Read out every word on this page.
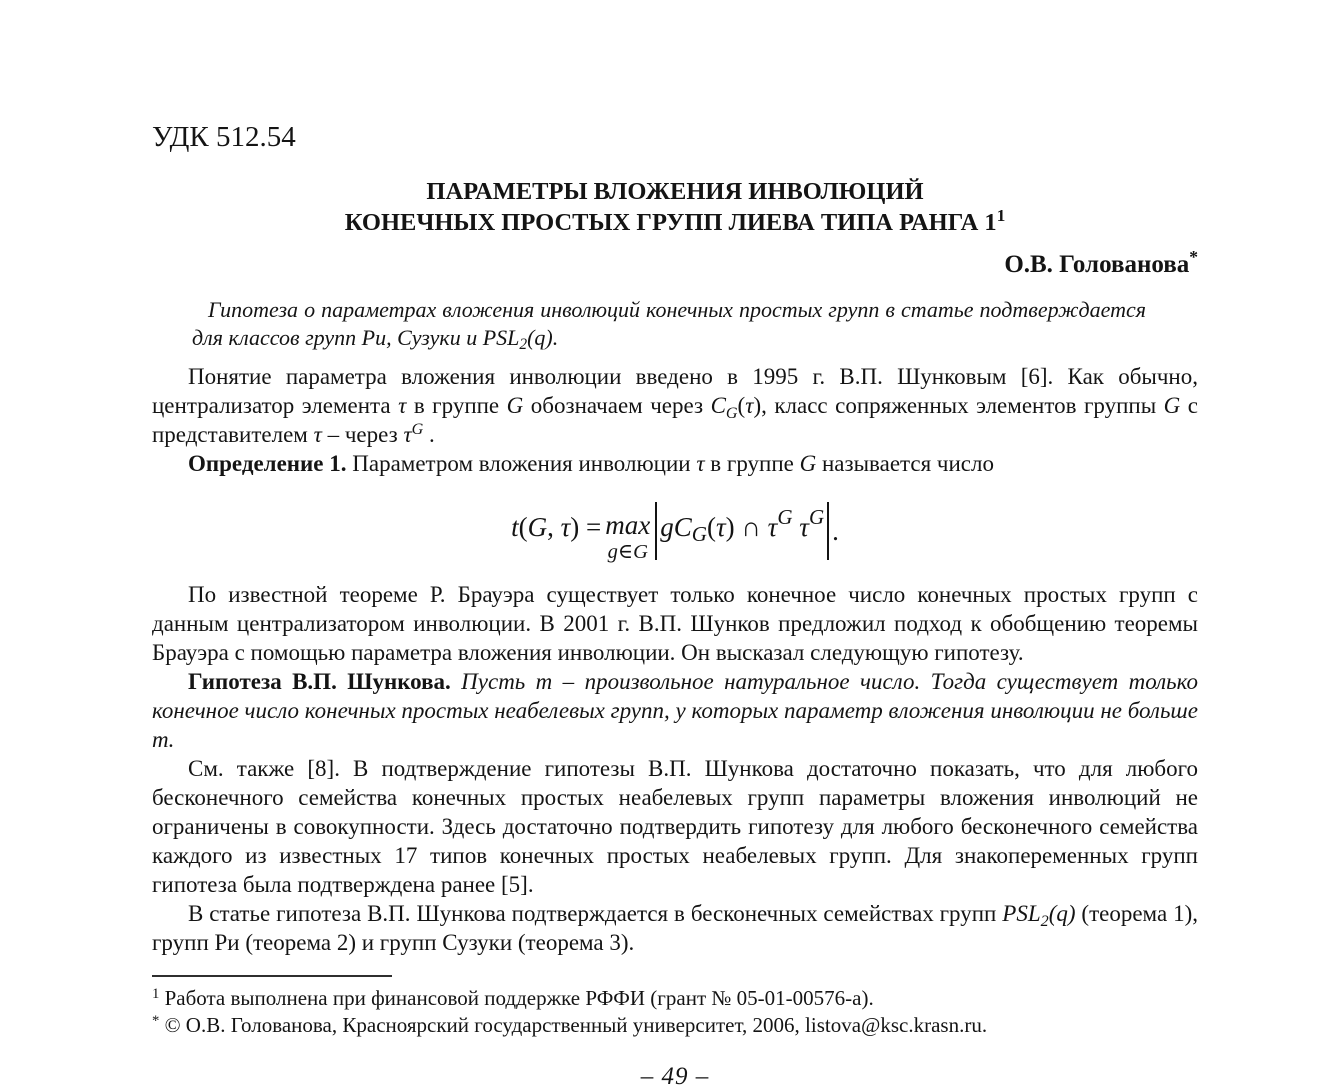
УДК 512.54
ПАРАМЕТРЫ ВЛОЖЕНИЯ ИНВОЛЮЦИЙ
КОНЕЧНЫХ ПРОСТЫХ ГРУПП ЛИЕВА ТИПА РАНГА $1^1$
О.В. Голованова*
Гипотеза о параметрах вложения инволюций конечных простых групп в статье подтверждается для классов групп Ри, Сузуки и $PSL_2(q)$.

Понятие параметра вложения инволюции введено в 1995 г. В.П. Шунковым [6]. Как обычно, централизатор элемента τ в группе G обозначаем через $C_G(\tau)$, класс сопряженных элементов группы G с представителем τ – через $\tau^G$ .

Определение 1. Параметром вложения инволюции τ в группе G называется число

t(G, τ) = max
g∈G
$gC_G(\tau)$ ∩ $\tau^G$ $\tau^G$ .

По известной теореме Р. Брауэра существует только конечное число конечных простых групп с данным централизатором инволюции. В 2001 г. В.П. Шунков предложил подход к обобщению теоремы Брауэра с помощью параметра вложения инволюции. Он высказал следующую гипотезу.

Гипотеза В.П. Шункова. Пусть m – произвольное натуральное число. Тогда существует только конечное число конечных простых неабелевых групп, у которых параметр вложения инволюции не больше m.

См. также [8]. В подтверждение гипотезы В.П. Шункова достаточно показать, что для любого бесконечного семейства конечных простых неабелевых групп параметры вложения инволюций не ограничены в совокупности. Здесь достаточно подтвердить гипотезу для любого бесконечного семейства каждого из известных 17 типов конечных простых неабелевых групп. Для знакопеременных групп гипотеза была подтверждена ранее [5].

В статье гипотеза В.П. Шункова подтверждается в бесконечных семействах групп $PSL_2(q)$ (теорема 1), групп Ри (теорема 2) и групп Сузуки (теорема 3).

$^1$ Работа выполнена при финансовой поддержке РФФИ (грант № 05-01-00576-а).

* © О.В. Голованова, Красноярский государственный университет, 2006, listova@ksc.krasn.ru.

– 49 –
